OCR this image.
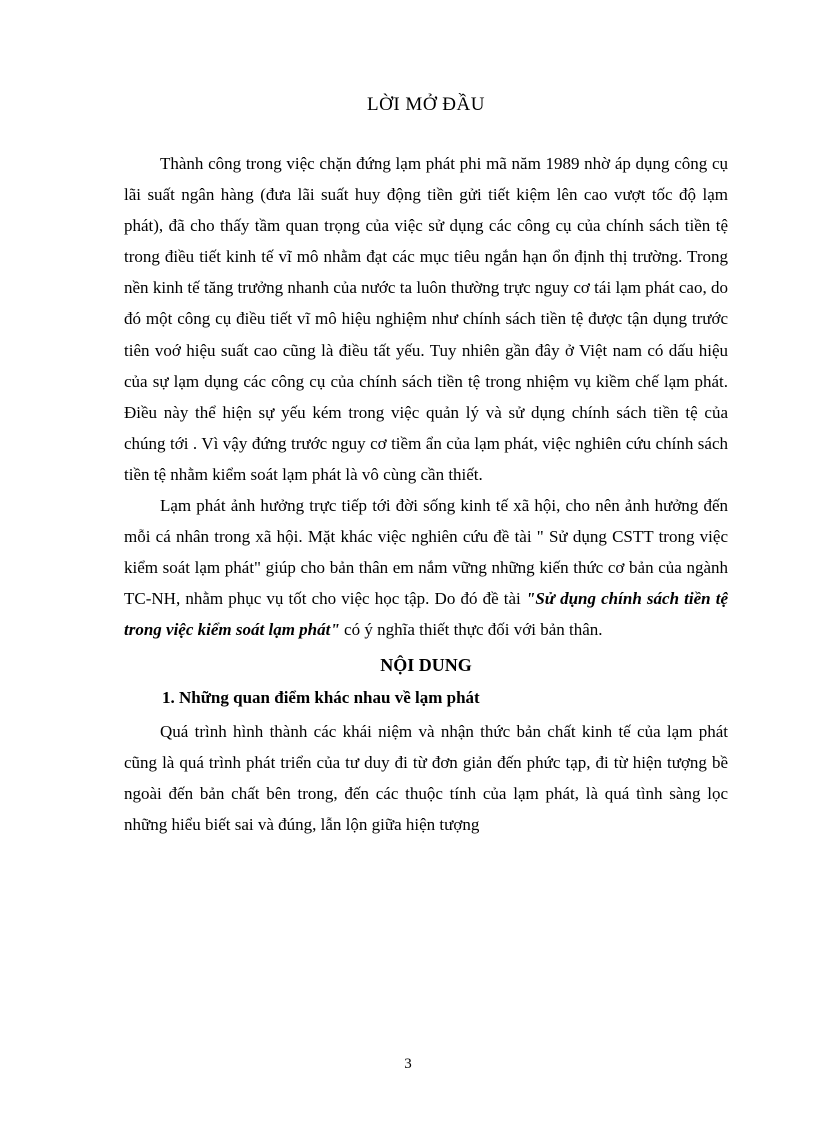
LỜI MỞ ĐẦU

Thành công trong việc chặn đứng lạm phát phi mã năm 1989 nhờ áp dụng công cụ lãi suất ngân hàng (đưa lãi suất huy động tiền gửi tiết kiệm lên cao vượt tốc độ lạm phát), đã cho thấy tầm quan trọng của việc sử dụng các công cụ của chính sách tiền tệ trong điều tiết kinh tế vĩ mô nhằm đạt các mục tiêu ngắn hạn ổn định thị trường. Trong nền kinh tế tăng trưởng nhanh của nước ta luôn thường trực nguy cơ tái lạm phát cao, do đó một công cụ điều tiết vĩ mô hiệu nghiệm như chính sách tiền tệ được tận dụng trước tiên voớ hiệu suất cao cũng là điều tất yếu. Tuy nhiên gần đây ở Việt nam có dấu hiệu của sự lạm dụng các công cụ của chính sách tiền tệ trong nhiệm vụ kiềm chế lạm phát. Điều này thể hiện sự yếu kém trong việc quản lý và sử dụng chính sách tiền tệ của chúng tới . Vì vậy đứng trước nguy cơ tiềm ẩn của lạm phát, việc nghiên cứu chính sách tiền tệ nhằm kiểm soát lạm phát là vô cùng cần thiết.

Lạm phát ảnh hưởng trực tiếp tới đời sống kinh tế xã hội, cho nên ảnh hưởng đến mỗi cá nhân trong xã hội. Mặt khác việc nghiên cứu đề tài " Sử dụng CSTT trong việc kiểm soát lạm phát" giúp cho bản thân em nắm vững những kiến thức cơ bản của ngành TC-NH, nhằm phục vụ tốt cho việc học tập. Do đó đề tài "Sử dụng chính sách tiền tệ trong việc kiểm soát lạm phát" có ý nghĩa thiết thực đối với bản thân.

NỘI DUNG
1. Những quan điểm khác nhau về lạm phát

Quá trình hình thành các khái niệm và nhận thức bản chất kinh tế của lạm phát cũng là quá trình phát triển của tư duy đi từ đơn giản đến phức tạp, đi từ hiện tượng bề ngoài đến bản chất bên trong, đến các thuộc tính của lạm phát, là quá tình sàng lọc những hiểu biết sai và đúng, lẫn lộn giữa hiện tượng

3
